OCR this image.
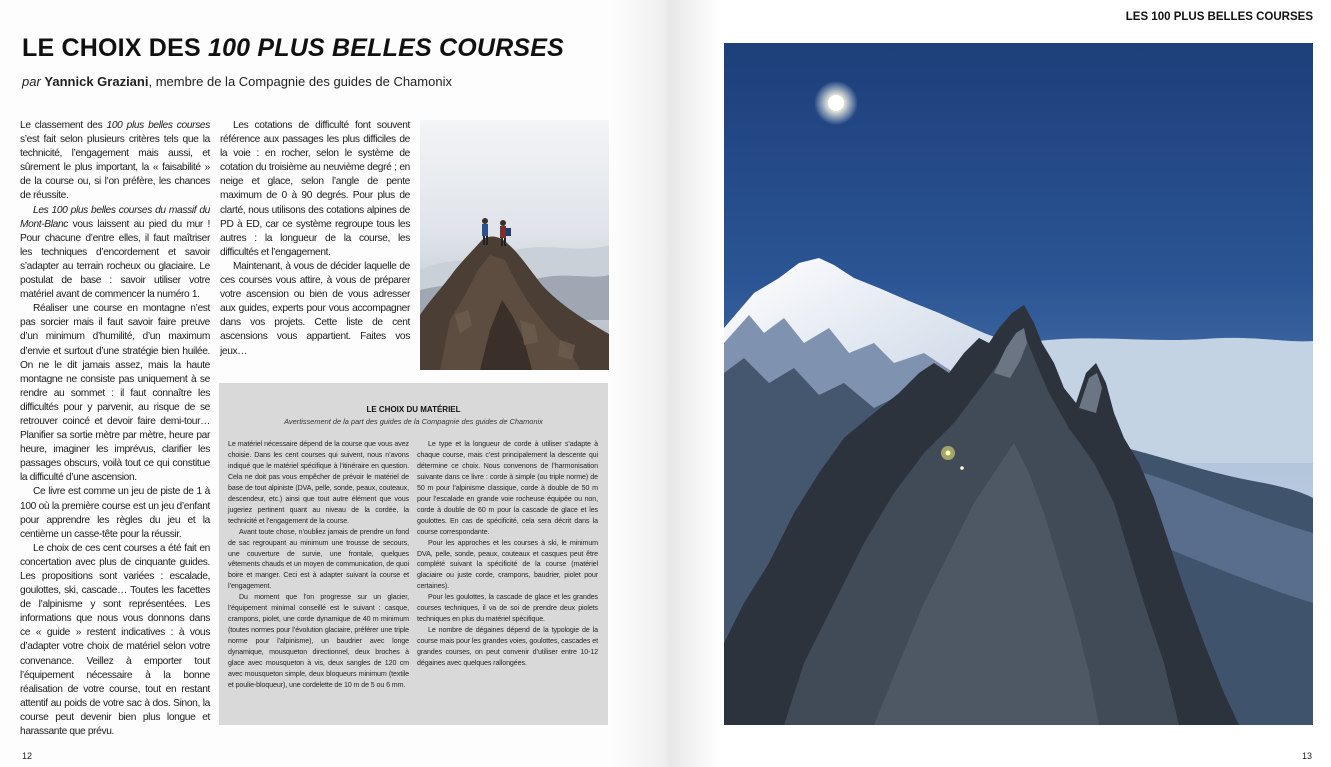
LE CHOIX DES 100 PLUS BELLES COURSES
par Yannick Graziani, membre de la Compagnie des guides de Chamonix

Le classement des 100 plus belles courses s’est fait selon plusieurs critères tels que la technicité, l’engagement mais aussi, et sûrement le plus important, la « faisabilité » de la course ou, si l’on préfère, les chances de réussite.

Les 100 plus belles courses du massif du Mont-Blanc vous laissent au pied du mur ! Pour chacune d’entre elles, il faut maîtriser les techniques d’encordement et savoir s’adapter au terrain rocheux ou glaciaire. Le postulat de base : savoir utiliser votre matériel avant de commencer la numéro 1.

Réaliser une course en montagne n’est pas sorcier mais il faut savoir faire preuve d’un minimum d’humilité, d’un maximum d’envie et surtout d’une stratégie bien huilée. On ne le dit jamais assez, mais la haute montagne ne consiste pas uniquement à se rendre au sommet : il faut connaître les difficultés pour y parvenir, au risque de se retrouver coincé et devoir faire demi-tour… Planifier sa sortie mètre par mètre, heure par heure, imaginer les imprévus, clarifier les passages obscurs, voilà tout ce qui constitue la difficulté d’une ascension.

Ce livre est comme un jeu de piste de 1 à 100 où la première course est un jeu d’enfant pour apprendre les règles du jeu et la centième un casse-tête pour la réussir.

Le choix de ces cent courses a été fait en concertation avec plus de cinquante guides. Les propositions sont variées : escalade, goulottes, ski, cascade… Toutes les facettes de l’alpinisme y sont représentées. Les informations que nous vous donnons dans ce « guide » restent indicatives : à vous d’adapter votre choix de matériel selon votre convenance. Veillez à emporter tout l’équipement nécessaire à la bonne réalisation de votre course, tout en restant attentif au poids de votre sac à dos. Sinon, la course peut devenir bien plus longue et harassante que prévu.

Les cotations de difficulté font souvent référence aux passages les plus difficiles de la voie : en rocher, selon le système de cotation du troisième au neuvième degré ; en neige et glace, selon l’angle de pente maximum de 0 à 90 degrés. Pour plus de clarté, nous utilisons des cotations alpines de PD à ED, car ce système regroupe tous les autres : la longueur de la course, les difficultés et l’engagement.

Maintenant, à vous de décider laquelle de ces courses vous attire, à vous de préparer votre ascension ou bien de vous adresser aux guides, experts pour vous accompagner dans vos projets. Cette liste de cent ascensions vous appartient. Faites vos jeux…

LE CHOIX DU MATÉRIEL
Avertissement de la part des guides de la Compagnie des guides de Chamonix

Le matériel nécessaire dépend de la course que vous avez choisie. Dans les cent courses qui suivent, nous n’avons indiqué que le matériel spécifique à l’itinéraire en question. Cela ne doit pas vous empêcher de prévoir le matériel de base de tout alpiniste (DVA, pelle, sonde, peaux, couteaux, descendeur, etc.) ainsi que tout autre élément que vous jugeriez pertinent quant au niveau de la cordée, la technicité et l’engagement de la course.

Avant toute chose, n’oubliez jamais de prendre un fond de sac regroupant au minimum une trousse de secours, une couverture de survie, une frontale, quelques vêtements chauds et un moyen de communication, de quoi boire et manger. Ceci est à adapter suivant la course et l’engagement.

Du moment que l’on progresse sur un glacier, l’équipement minimal conseillé est le suivant : casque, crampons, piolet, une corde dynamique de 40 m minimum (toutes normes pour l’évolution glaciaire, préférer une triple norme pour l’alpinisme), un baudrier avec longe dynamique, mousqueton directionnel, deux broches à glace avec mousqueton à vis, deux sangles de 120 cm avec mousqueton simple, deux bloqueurs minimum (textile et poulie-bloqueur), une cordelette de 10 m de 5 ou 6 mm.

Le type et la longueur de corde à utiliser s’adapte à chaque course, mais c’est principalement la descente qui détermine ce choix. Nous convenons de l’harmonisation suivante dans ce livre : corde à simple (ou triple norme) de 50 m pour l’alpinisme classique, corde à double de 50 m pour l’escalade en grande voie rocheuse équipée ou non, corde à double de 60 m pour la cascade de glace et les goulottes. En cas de spécificité, cela sera décrit dans la course correspondante.

Pour les approches et les courses à ski, le minimum DVA, pelle, sonde, peaux, couteaux et casques peut être complété suivant la spécificité de la course (matériel glaciaire ou juste corde, crampons, baudrier, piolet pour certaines).

Pour les goulottes, la cascade de glace et les grandes courses techniques, il va de soi de prendre deux piolets techniques en plus du matériel spécifique.

Le nombre de dégaines dépend de la typologie de la course mais pour les grandes voies, goulottes, cascades et grandes courses, on peut convenir d’utiliser entre 10-12 dégaines avec quelques rallongées.

12
LES 100 PLUS BELLES COURSES
13
